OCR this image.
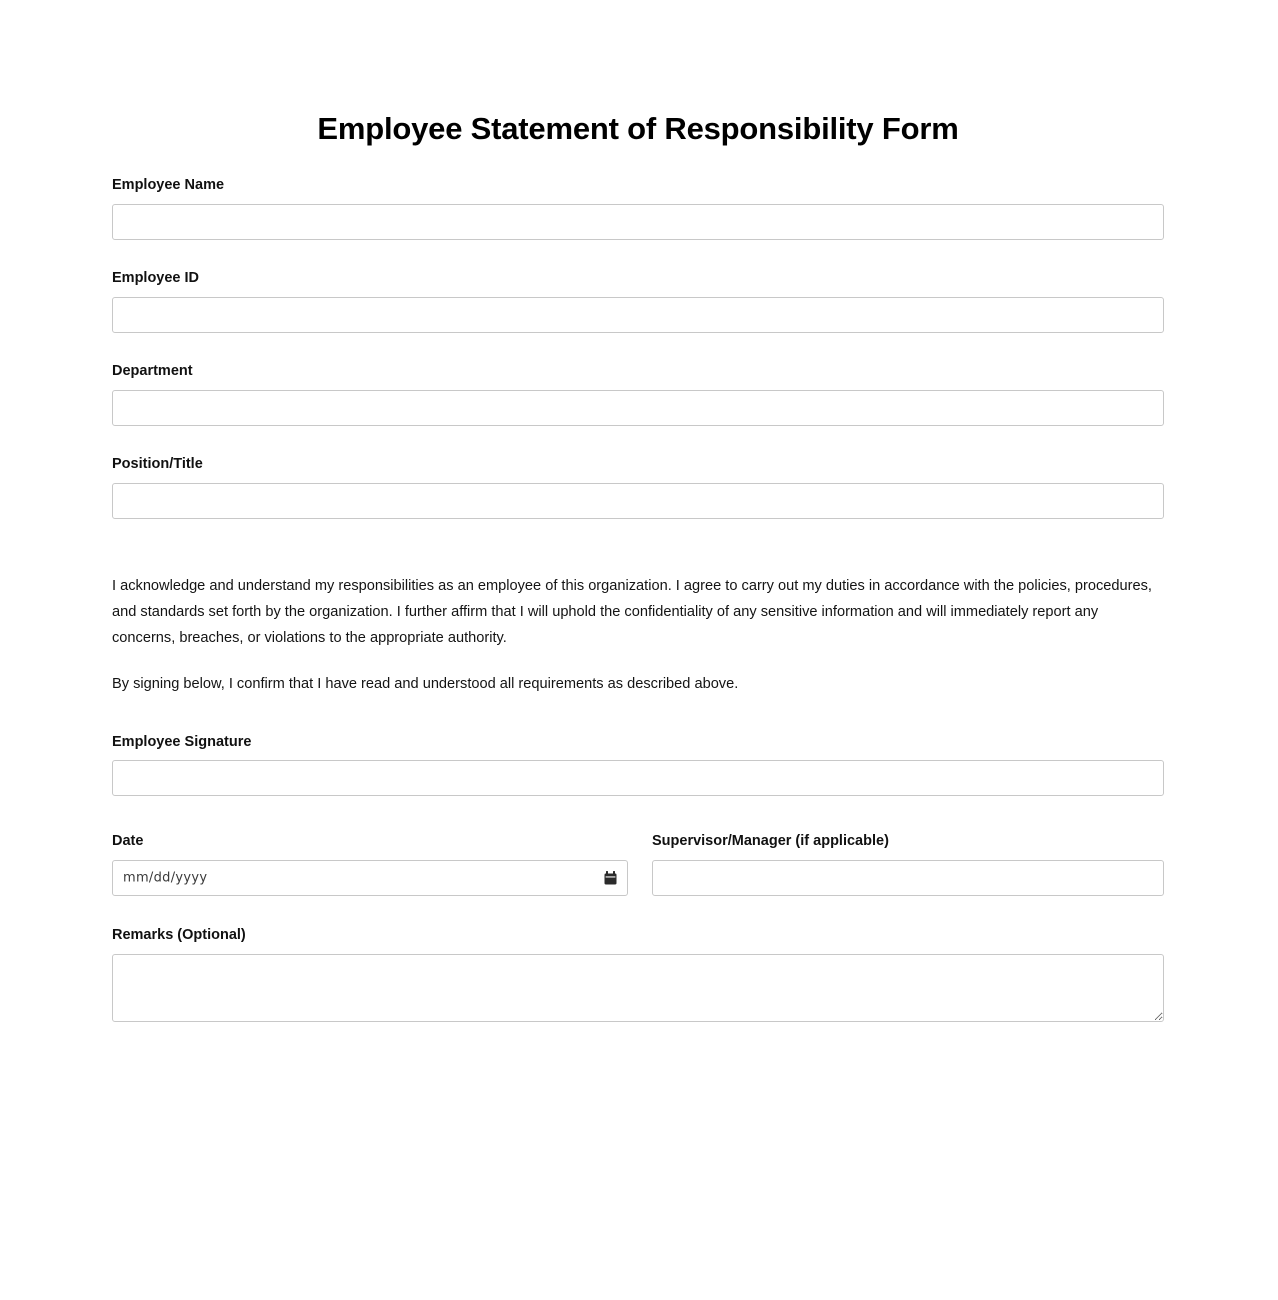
Employee Statement of Responsibility Form
Employee Name
Employee ID
Department
Position/Title

I acknowledge and understand my responsibilities as an employee of this organization. I agree to carry out my duties in accordance with the policies, procedures, and standards set forth by the organization. I further affirm that I will uphold the confidentiality of any sensitive information and will immediately report any concerns, breaches, or violations to the appropriate authority.

By signing below, I confirm that I have read and understood all requirements as described above.

Employee Signature
Date
mm/dd/yyyy
Supervisor/Manager (if applicable)
Remarks (Optional)
